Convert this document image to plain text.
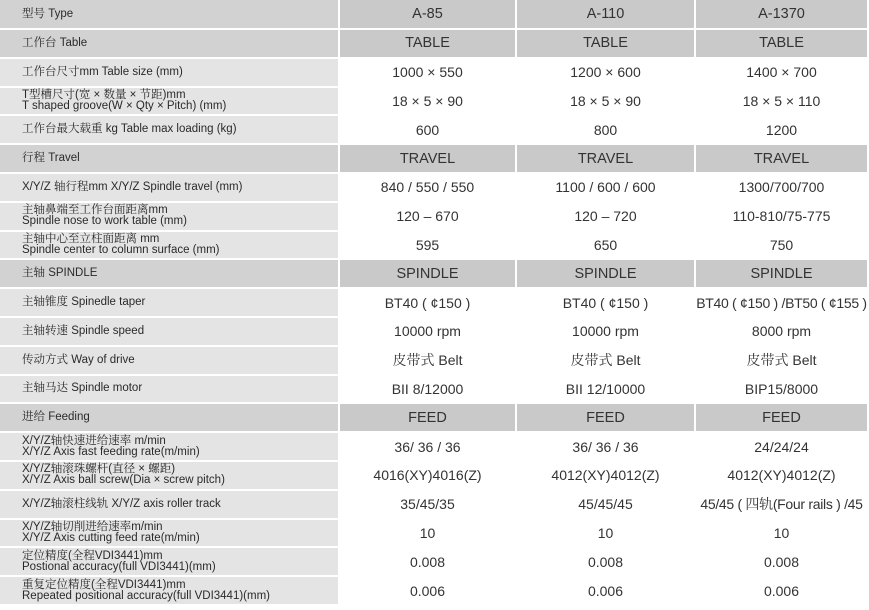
型号 Type	A-85	A-110	A-1370

工作台 Table	TABLE	TABLE	TABLE

工作台尺寸mm Table size (mm)	1000 × 550	1200 × 600	1400 × 700

T型槽尺寸(宽 × 数量 × 节距)mm
T shaped groove(W × Qty × Pitch) (mm)	18 × 5 × 90	18 × 5 × 90	18 × 5 × 110

工作台最大载重 kg Table max loading (kg)	600	800	1200

行程 Travel	TRAVEL	TRAVEL	TRAVEL

X/Y/Z 轴行程mm X/Y/Z Spindle travel (mm)	840 / 550 / 550	1100 / 600 / 600	1300/700/700

主轴鼻端至工作台面距离mm
Spindle nose to work table (mm)	120 – 670	120 – 720	110-810/75-775

主轴中心至立柱面距离 mm
Spindle center to column surface (mm)	595	650	750

主轴 SPINDLE	SPINDLE	SPINDLE	SPINDLE

主轴锥度 Spinedle taper	BT40 ( ¢150 )	BT40 ( ¢150 )	BT40 ( ¢150 ) /BT50 ( ¢155 )

主轴转速 Spindle speed	10000 rpm	10000 rpm	8000 rpm

传动方式 Way of drive	皮带式 Belt	皮带式 Belt	皮带式 Belt

主轴马达 Spindle motor	BII 8/12000	BII 12/10000	BIP15/8000

进给 Feeding	FEED	FEED	FEED

X/Y/Z轴快速进给速率 m/min
X/Y/Z Axis fast feeding rate(m/min)	36/ 36 / 36	36/ 36 / 36	24/24/24

X/Y/Z轴滚珠螺杆(直径 × 螺距)
X/Y/Z Axis ball screw(Dia × screw pitch)	4016(XY)4016(Z)	4012(XY)4012(Z)	4012(XY)4012(Z)

X/Y/Z轴滚柱线轨 X/Y/Z axis roller track	35/45/35	45/45/45	45/45 ( 四轨(Four rails ) /45

X/Y/Z轴切削进给速率m/min
X/Y/Z Axis cutting feed rate(m/min)	10	10	10

定位精度(全程VDI3441)mm
Postional accuracy(full VDI3441)(mm)	0.008	0.008	0.008

重复定位精度(全程VDI3441)mm
Repeated positional accuracy(full VDI3441)(mm)	0.006	0.006	0.006
